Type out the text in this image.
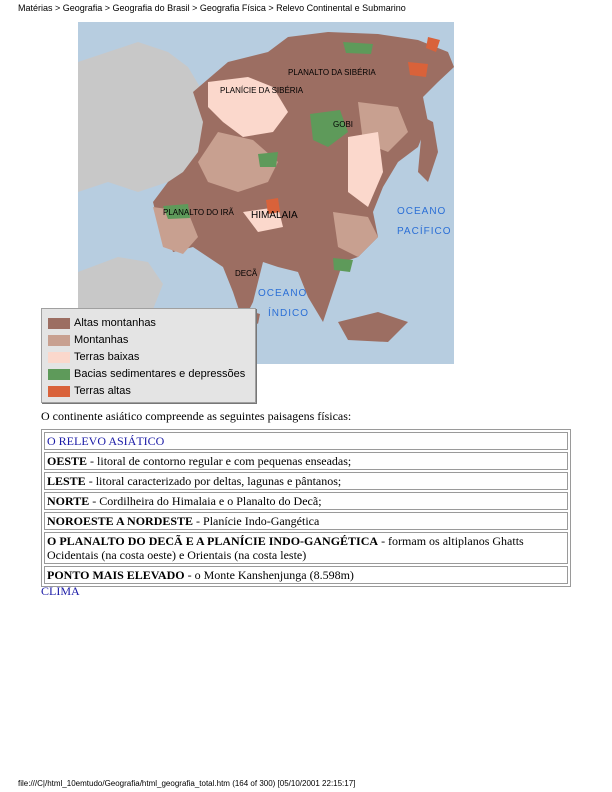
Matérias > Geografia > Geografia do Brasil > Geografia Física > Relevo Continental e Submarino
PLANALTO DA SIBÉRIA
PLANÍCIE DA SIBÉRIA
GOBI
PLANALTO DO IRÃ HIMALAIA
DECÃ
OCEANO
PACÍFICO
OCEANO
ÍNDICO
Altas montanhas
Montanhas
Terras baixas
Bacias sedimentares e depressões
Terras altas
O continente asiático compreende as seguintes paisagens físicas:
O RELEVO ASIÁTICO
OESTE - litoral de contorno regular e com pequenas enseadas;
LESTE - litoral caracterizado por deltas, lagunas e pântanos;
NORTE - Cordilheira do Himalaia e o Planalto do Decã;
NOROESTE A NORDESTE - Planície Indo-Gangética
O PLANALTO DO DECÃ E A PLANÍCIE INDO-GANGÉTICA - formam os altiplanos Ghatts Ocidentais (na costa oeste) e Orientais (na costa leste)
PONTO MAIS ELEVADO - o Monte Kanshenjunga (8.598m)
CLIMA
file:///C|/html_10emtudo/Geografia/html_geografia_total.htm (164 of 300) [05/10/2001 22:15:17]
